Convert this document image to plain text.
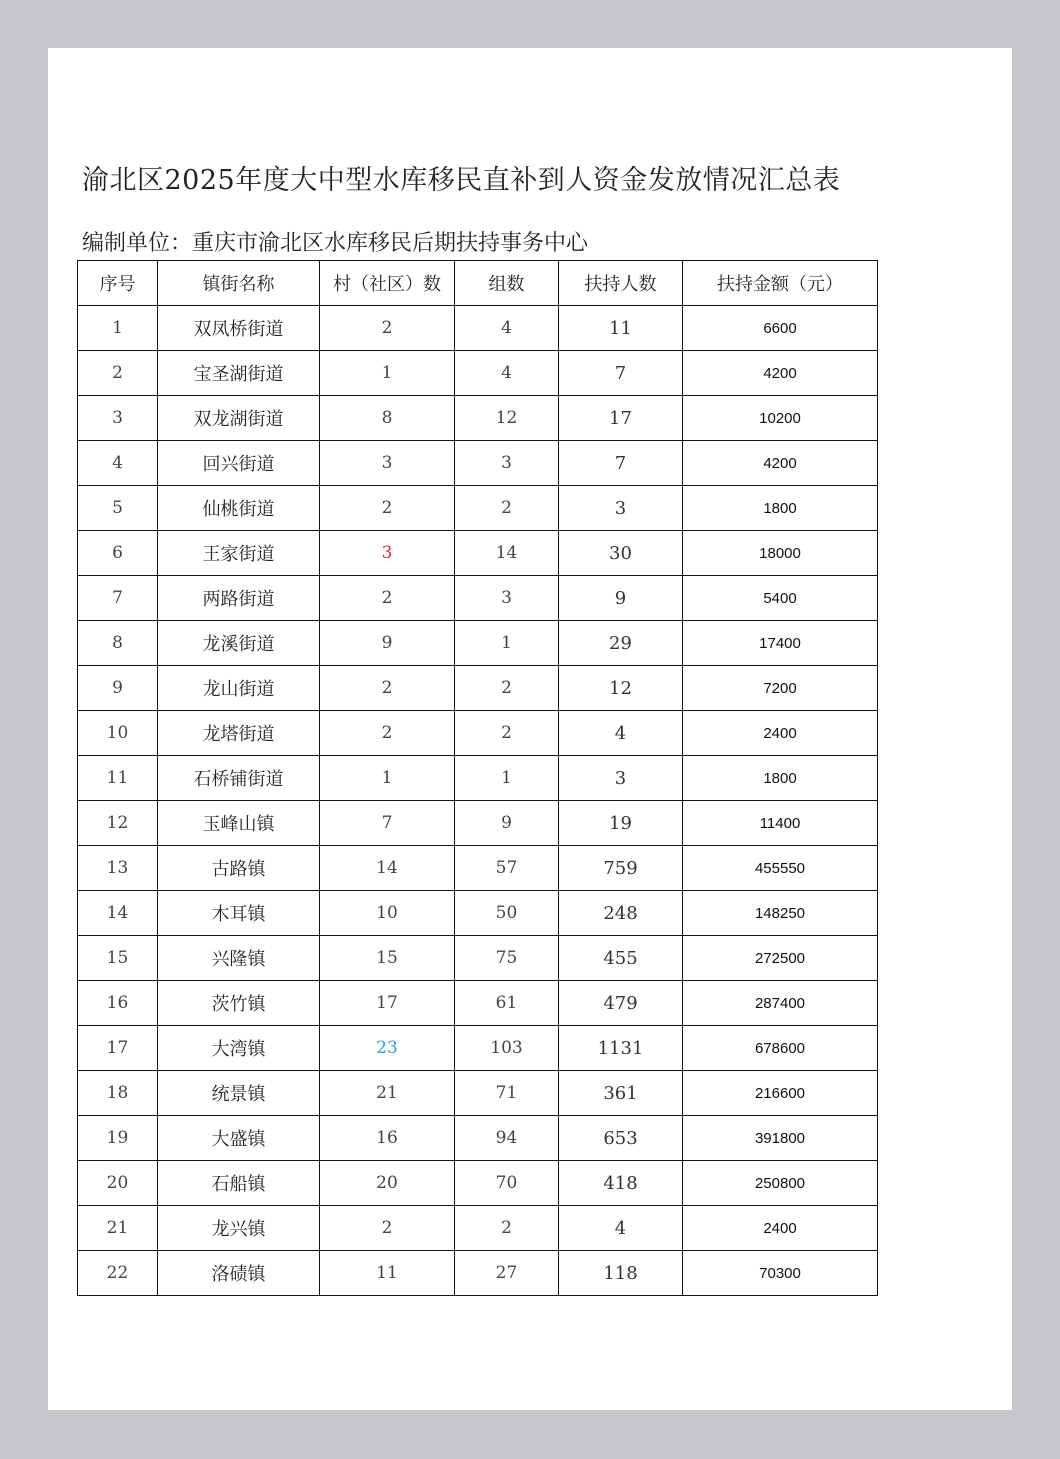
渝北区2025年度大中型水库移民直补到人资金发放情况汇总表
编制单位：重庆市渝北区水库移民后期扶持事务中心
序号	镇街名称	村（社区）数	组数	扶持人数	扶持金额（元）
1	双凤桥街道	2	4	11	6600
2	宝圣湖街道	1	4	7	4200
3	双龙湖街道	8	12	17	10200
4	回兴街道	3	3	7	4200
5	仙桃街道	2	2	3	1800
6	王家街道	3	14	30	18000
7	两路街道	2	3	9	5400
8	龙溪街道	9	1	29	17400
9	龙山街道	2	2	12	7200
10	龙塔街道	2	2	4	2400
11	石桥铺街道	1	1	3	1800
12	玉峰山镇	7	9	19	11400
13	古路镇	14	57	759	455550
14	木耳镇	10	50	248	148250
15	兴隆镇	15	75	455	272500
16	茨竹镇	17	61	479	287400
17	大湾镇	23	103	1131	678600
18	统景镇	21	71	361	216600
19	大盛镇	16	94	653	391800
20	石船镇	20	70	418	250800
21	龙兴镇	2	2	4	2400
22	洛碛镇	11	27	118	70300
